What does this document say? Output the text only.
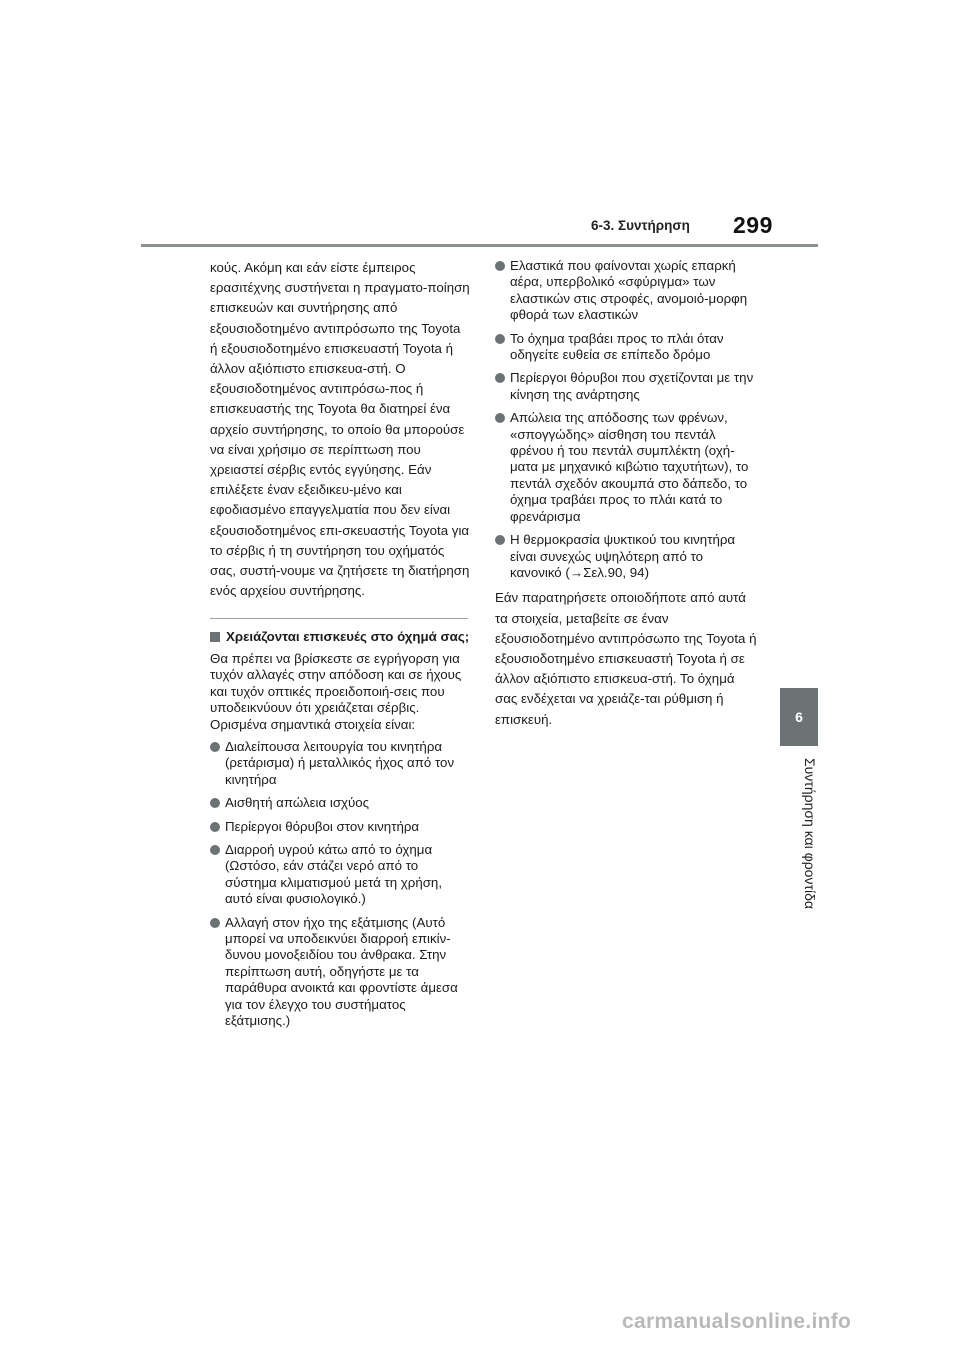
6-3. Συντήρηση 299
6
Συντήρηση και φροντίδα

κούς. Ακόμη και εάν είστε έμπειρος ερασιτέχνης συστήνεται η πραγματο-ποίηση επισκευών και συντήρησης από εξουσιοδοτημένο αντιπρόσωπο της Toyota ή εξουσιοδοτημένο επισκευαστή Toyota ή άλλον αξιόπιστο επισκευα-στή. Ο εξουσιοδοτημένος αντιπρόσω-πος ή επισκευαστής της Toyota θα διατηρεί ένα αρχείο συντήρησης, το οποίο θα μπορούσε να είναι χρήσιμο σε περίπτωση που χρειαστεί σέρβις εντός εγγύησης. Εάν επιλέξετε έναν εξειδικευ-μένο και εφοδιασμένο επαγγελματία που δεν είναι εξουσιοδοτημένος επι-σκευαστής Toyota για το σέρβις ή τη συντήρηση του οχήματός σας, συστή-νουμε να ζητήσετε τη διατήρηση ενός αρχείου συντήρησης.

Χρειάζονται επισκευές στο όχημά σας;

Θα πρέπει να βρίσκεστε σε εγρήγορση για τυχόν αλλαγές στην απόδοση και σε ήχους και τυχόν οπτικές προειδοποιή-σεις που υποδεικνύουν ότι χρειάζεται σέρβις. Ορισμένα σημαντικά στοιχεία είναι:

Διαλείπουσα λειτουργία του κινητήρα (ρετάρισμα) ή μεταλλικός ήχος από τον κινητήρα
Αισθητή απώλεια ισχύος
Περίεργοι θόρυβοι στον κινητήρα
Διαρροή υγρού κάτω από το όχημα (Ωστόσο, εάν στάζει νερό από το σύστημα κλιματισμού μετά τη χρήση, αυτό είναι φυσιολογικό.)
Αλλαγή στον ήχο της εξάτμισης (Αυτό μπορεί να υποδεικνύει διαρροή επικίν-δυνου μονοξειδίου του άνθρακα. Στην περίπτωση αυτή, οδηγήστε με τα παράθυρα ανοικτά και φροντίστε άμεσα για τον έλεγχο του συστήματος εξάτμισης.)
Ελαστικά που φαίνονται χωρίς επαρκή αέρα, υπερβολικό «σφύριγμα» των ελαστικών στις στροφές, ανομοιό-μορφη φθορά των ελαστικών
Το όχημα τραβάει προς το πλάι όταν οδηγείτε ευθεία σε επίπεδο δρόμο
Περίεργοι θόρυβοι που σχετίζονται με την κίνηση της ανάρτησης
Απώλεια της απόδοσης των φρένων, «σπογγώδης» αίσθηση του πεντάλ φρένου ή του πεντάλ συμπλέκτη (οχή-ματα με μηχανικό κιβώτιο ταχυτήτων), το πεντάλ σχεδόν ακουμπά στο δάπεδο, το όχημα τραβάει προς το πλάι κατά το φρενάρισμα
Η θερμοκρασία ψυκτικού του κινητήρα είναι συνεχώς υψηλότερη από το κανονικό (→Σελ.90, 94)

Εάν παρατηρήσετε οποιοδήποτε από αυτά τα στοιχεία, μεταβείτε σε έναν εξουσιοδοτημένο αντιπρόσωπο της Toyota ή εξουσιοδοτημένο επισκευαστή Toyota ή σε άλλον αξιόπιστο επισκευα-στή. Το όχημά σας ενδέχεται να χρειάζε-ται ρύθμιση ή επισκευή.

carmanualsonline.info
